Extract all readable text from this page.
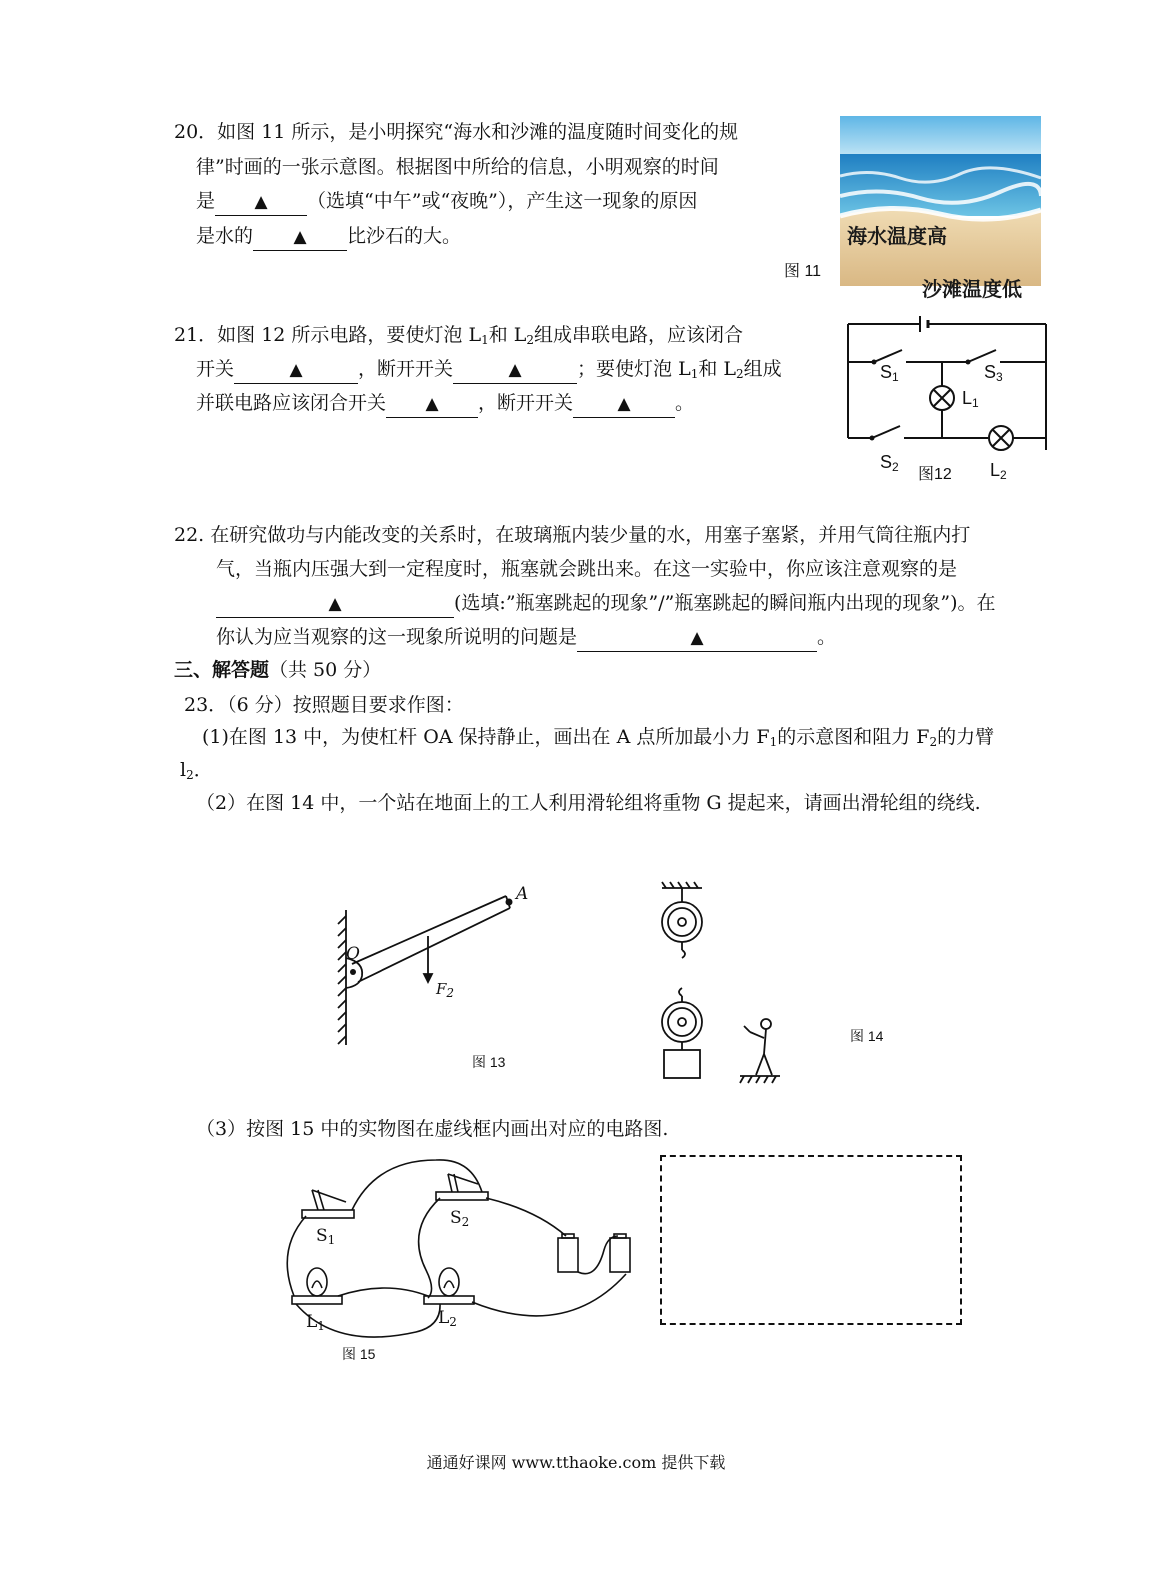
20．如图 11 所示，是小明探究“海水和沙滩的温度随时间变化的规
律”时画的一张示意图。根据图中所给的信息，小明观察的时间
是 ▲ （选填“中午”或“夜晚”），产生这一现象的原因
是水的 ▲ 比沙石的大。
图 11
海水温度高
沙滩温度低
21．如图 12 所示电路，要使灯泡 $L_1$和 $L_2$组成串联电路，应该闭合
开关	▲	，断开开关	▲	；要使灯泡 $L_1$和 $L_2$组成
并联电路应该闭合开关 ▲ ，断开开关	▲ 。
$S_1$	$S_3$
$L_1$
$S_2$	$L_2$
图12
22. 在研究做功与内能改变的关系时，在玻璃瓶内装少量的水，用塞子塞紧，并用气筒往瓶内打
气，当瓶内压强大到一定程度时，瓶塞就会跳出来。在这一实验中，你应该注意观察的是
▲	(选填:”瓶塞跳起的现象”/”瓶塞跳起的瞬间瓶内出现的现象”)。在
你认为应当观察的这一现象所说明的问题是	▲	。
三、解答题（共 50 分）
23．（6 分）按照题目要求作图：
(1)在图 13 中，为使杠杆 OA 保持静止，画出在 A 点所加最小力 $F_1$的示意图和阻力 $F_2$的力臂
$l_2$．
（2）在图 14 中，一个站在地面上的工人利用滑轮组将重物 G 提起来，请画出滑轮组的绕线.
O
A
$F_2$
图 13
图 14
（3）按图 15 中的实物图在虚线框内画出对应的电路图.
$S_1$
$S_2$
$L_1$	$L_2$
图 15
通通好课网 www.tthaoke.com 提供下载
